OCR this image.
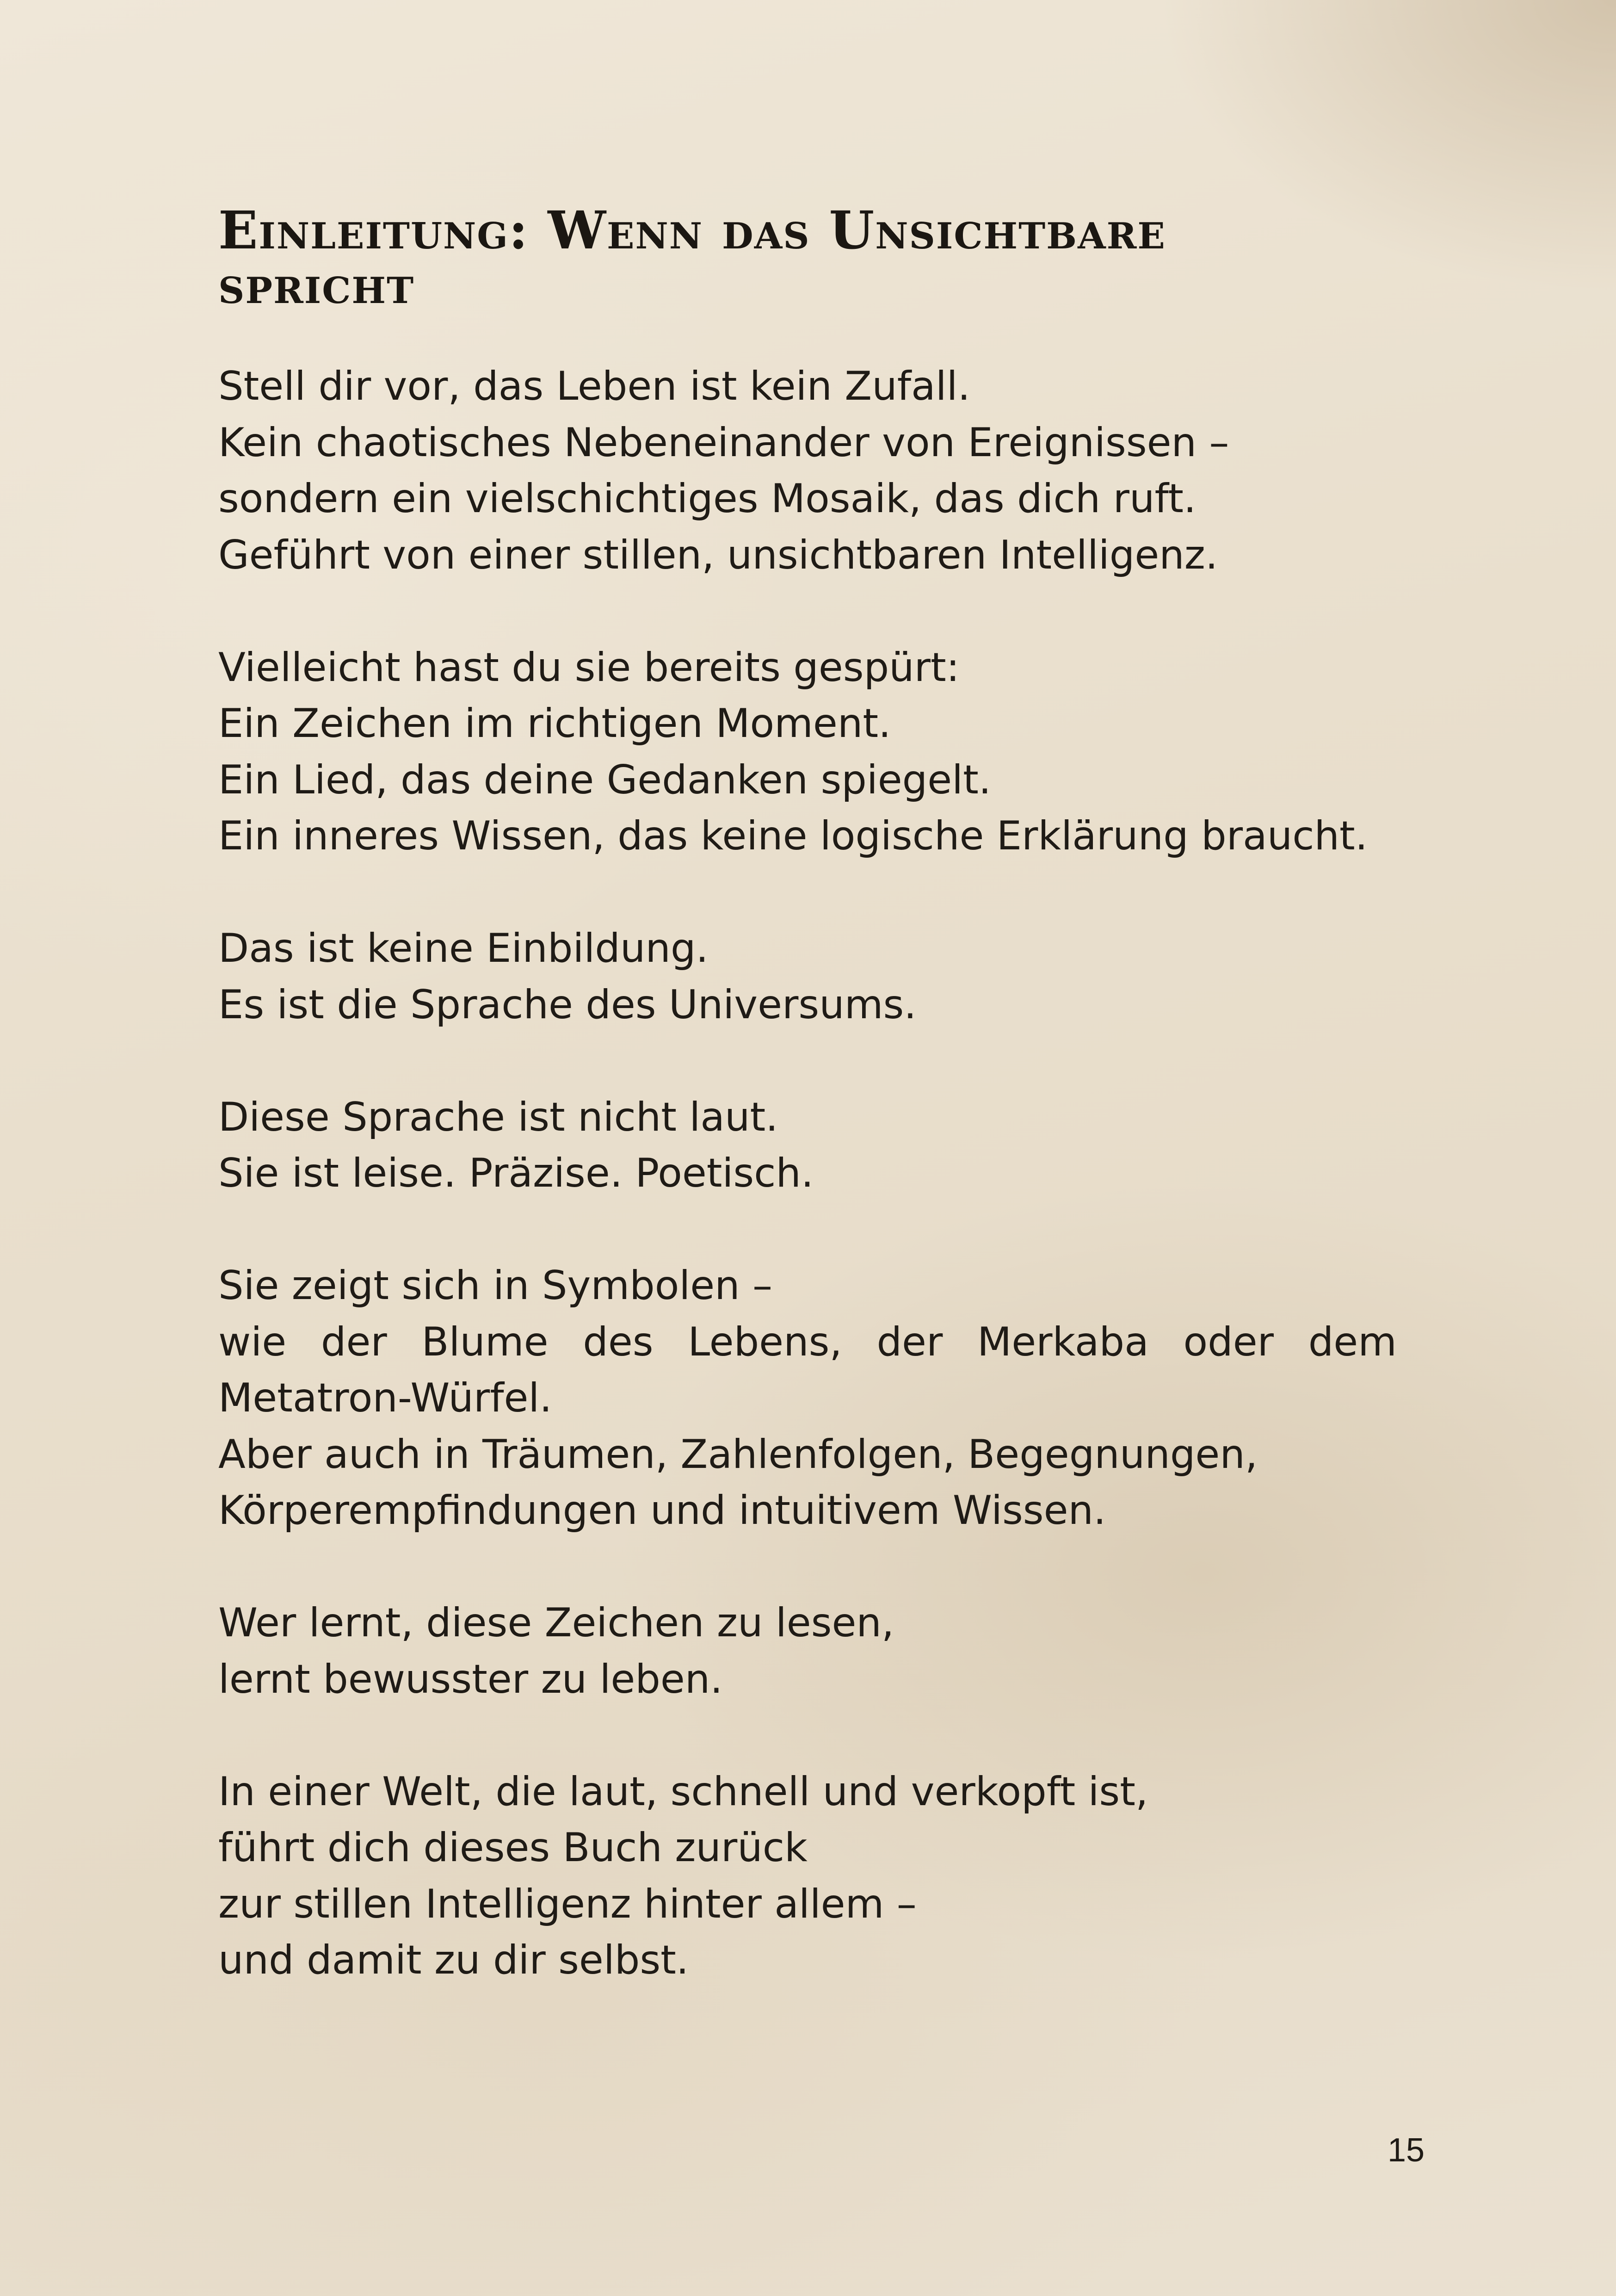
Einleitung: Wenn das Unsichtbare
spricht

Stell dir vor, das Leben ist kein Zufall.
Kein chaotisches Nebeneinander von Ereignissen –
sondern ein vielschichtiges Mosaik, das dich ruft.
Geführt von einer stillen, unsichtbaren Intelligenz.

Vielleicht hast du sie bereits gespürt:
Ein Zeichen im richtigen Moment.
Ein Lied, das deine Gedanken spiegelt.
Ein inneres Wissen, das keine logische Erklärung braucht.

Das ist keine Einbildung.
Es ist die Sprache des Universums.

Diese Sprache ist nicht laut.
Sie ist leise. Präzise. Poetisch.

Sie zeigt sich in Symbolen –
wie der Blume des Lebens, der Merkaba oder dem
Metatron-Würfel.
Aber auch in Träumen, Zahlenfolgen, Begegnungen,
Körperempfindungen und intuitivem Wissen.

Wer lernt, diese Zeichen zu lesen,
lernt bewusster zu leben.

In einer Welt, die laut, schnell und verkopft ist,
führt dich dieses Buch zurück
zur stillen Intelligenz hinter allem –
und damit zu dir selbst.

15
